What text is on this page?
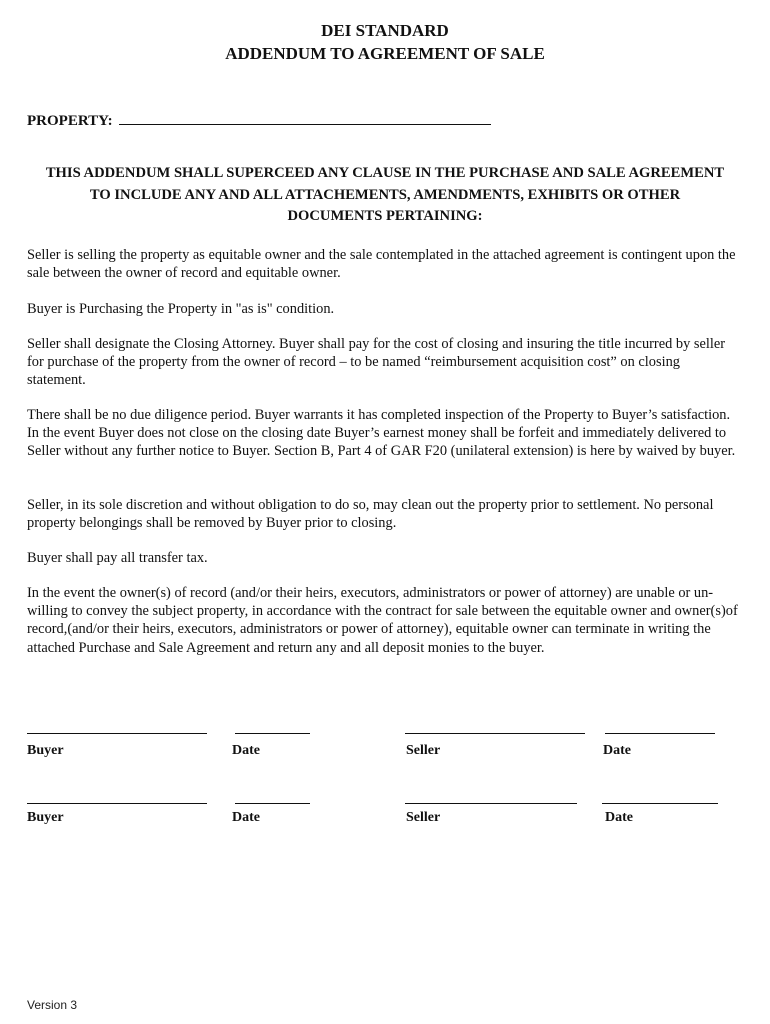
DEI STANDARD
ADDENDUM TO AGREEMENT OF SALE
PROPERTY:
THIS ADDENDUM SHALL SUPERCEED ANY CLAUSE IN THE PURCHASE AND SALE AGREEMENT
TO INCLUDE ANY AND ALL ATTACHEMENTS, AMENDMENTS, EXHIBITS OR OTHER
DOCUMENTS PERTAINING:

Seller is selling the property as equitable owner and the sale contemplated in the attached agreement is contingent upon the sale between the owner of record and equitable owner.

Buyer is Purchasing the Property in "as is" condition.

Seller shall designate the Closing Attorney. Buyer shall pay for the cost of closing and insuring the title incurred by seller for purchase of the property from the owner of record – to be named “reimbursement acquisition cost” on closing statement.

There shall be no due diligence period. Buyer warrants it has completed inspection of the Property to Buyer’s satisfaction. In the event Buyer does not close on the closing date Buyer’s earnest money shall be forfeit and immediately delivered to Seller without any further notice to Buyer. Section B, Part 4 of GAR F20 (unilateral extension) is here by waived by buyer.

Seller, in its sole discretion and without obligation to do so, may clean out the property prior to settlement. No personal property belongings shall be removed by Buyer prior to closing.

Buyer shall pay all transfer tax.

In the event the owner(s) of record (and/or their heirs, executors, administrators or power of attorney) are unable or un-willing to convey the subject property, in accordance with the contract for sale between the equitable owner and owner(s)of record,(and/or their heirs, executors, administrators or power of attorney), equitable owner can terminate in writing the attached Purchase and Sale Agreement and return any and all deposit monies to the buyer.

Buyer	Date	Seller	Date
Buyer	Date	Seller	Date
Version 3
